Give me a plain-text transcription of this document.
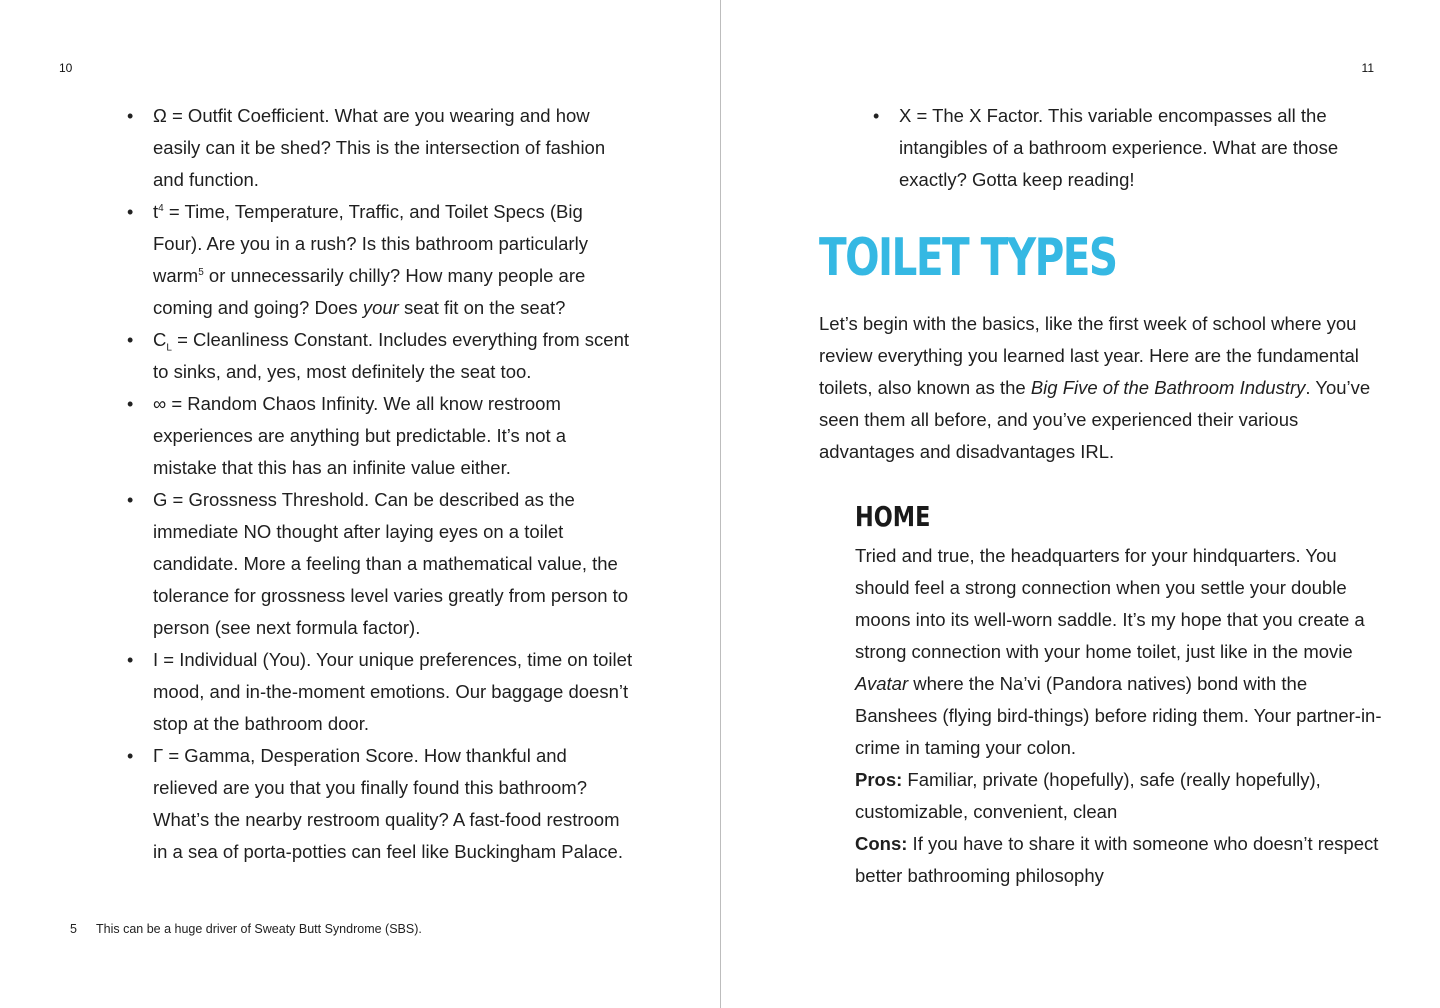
10
• Ω = Outfit Coefficient. What are you wearing and how easily can it be shed? This is the intersection of fashion and function.
• $t^4$ = Time, Temperature, Traffic, and Toilet Specs (Big Four). Are you in a rush? Is this bathroom particularly warm$^5$ or unnecessarily chilly? How many people are coming and going? Does your seat fit on the seat?
• $C_L$ = Cleanliness Constant. Includes everything from scent to sinks, and, yes, most definitely the seat too.
• ∞ = Random Chaos Infinity. We all know restroom experiences are anything but predictable. It’s not a mistake that this has an infinite value either.
• G = Grossness Threshold. Can be described as the immediate NO thought after laying eyes on a toilet candidate. More a feeling than a mathematical value, the tolerance for grossness level varies greatly from person to person (see next formula factor).
• I = Individual (You). Your unique preferences, time on toilet mood, and in-the-moment emotions. Our baggage doesn’t stop at the bathroom door.
• Γ = Gamma, Desperation Score. How thankful and relieved are you that you finally found this bathroom? What’s the nearby restroom quality? A fast-food restroom in a sea of porta-potties can feel like Buckingham Palace.
5 This can be a huge driver of Sweaty Butt Syndrome (SBS).
11
• X = The X Factor. This variable encompasses all the intangibles of a bathroom experience. What are those exactly? Gotta keep reading!
TOILET TYPES

Let’s begin with the basics, like the first week of school where you review everything you learned last year. Here are the fundamental toilets, also known as the Big Five of the Bathroom Industry. You’ve seen them all before, and you’ve experienced their various advantages and disadvantages IRL.

HOME

Tried and true, the headquarters for your hindquarters. You should feel a strong connection when you settle your double moons into its well-worn saddle. It’s my hope that you create a strong connection with your home toilet, just like in the movie Avatar where the Na’vi (Pandora natives) bond with the Banshees (flying bird-things) before riding them. Your partner-in-crime in taming your colon.

Pros: Familiar, private (hopefully), safe (really hopefully), customizable, convenient, clean

Cons: If you have to share it with someone who doesn’t respect better bathrooming philosophy
